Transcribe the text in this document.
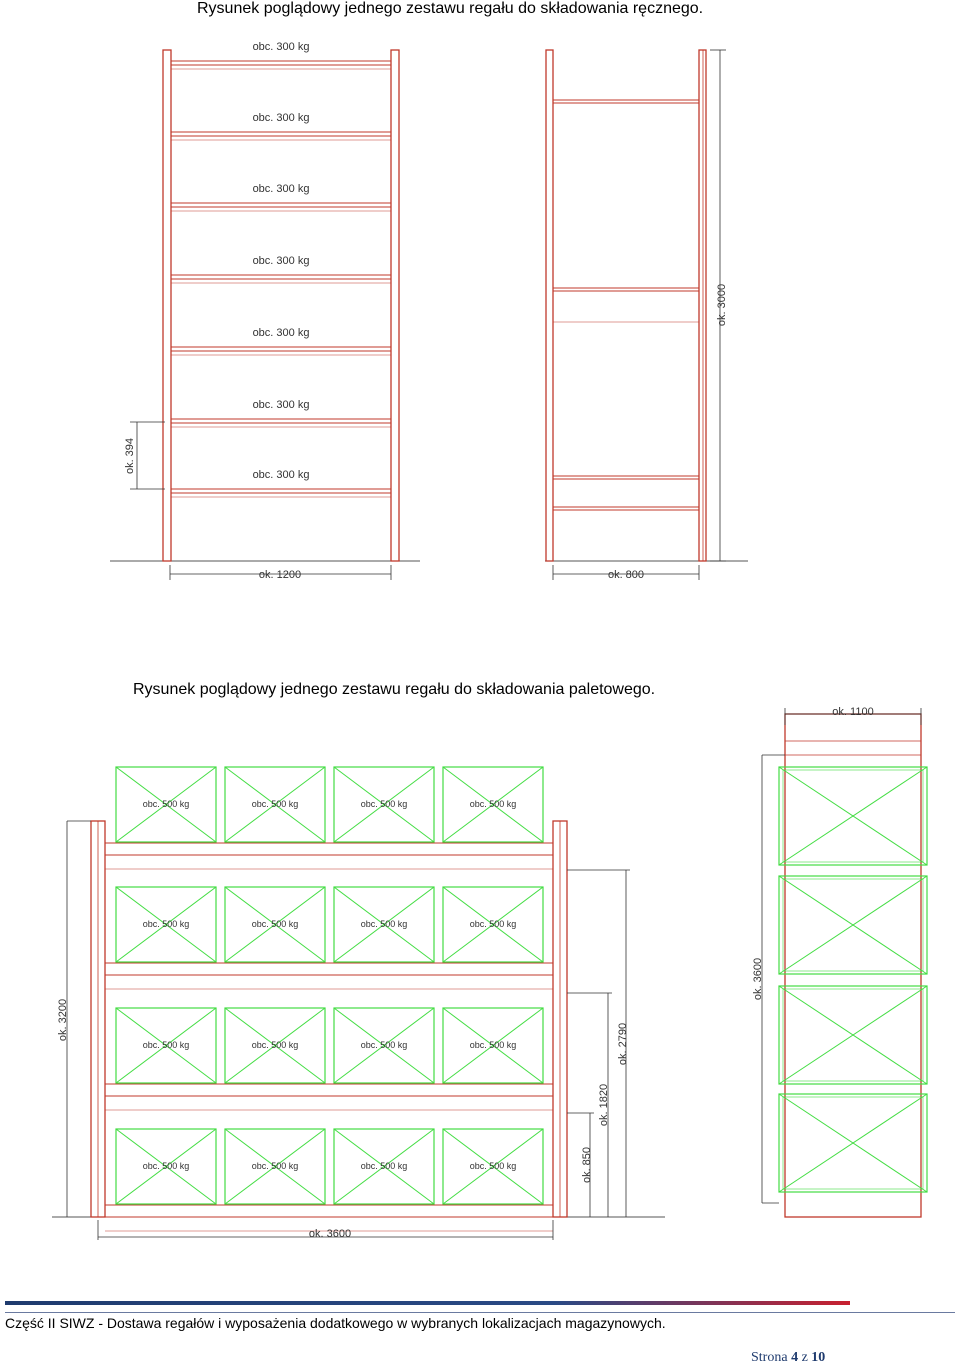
Rysunek poglądowy jednego zestawu regału do składowania ręcznego.

Rysunek poglądowy jednego zestawu regału do składowania paletowego.

obc. 300 kg
obc. 300 kg
obc. 300 kg
obc. 300 kg
obc. 300 kg
obc. 300 kg
obc. 300 kg
ok. 1200	ok. 800
ok. 3000
ok. 394
obc. 500 kg	obc. 500 kg	obc. 500 kg	obc. 500 kg
obc. 500 kg	obc. 500 kg	obc. 500 kg	obc. 500 kg
obc. 500 kg	obc. 500 kg	obc. 500 kg	obc. 500 kg
obc. 500 kg	obc. 500 kg	obc. 500 kg	obc. 500 kg
ok. 3200
ok. 3600
ok. 2790
ok. 1820
ok. 850
ok. 1100
ok. 3600
Część II SIWZ - Dostawa regałów i wyposażenia dodatkowego w wybranych lokalizacjach magazynowych.
Strona 4 z 10
